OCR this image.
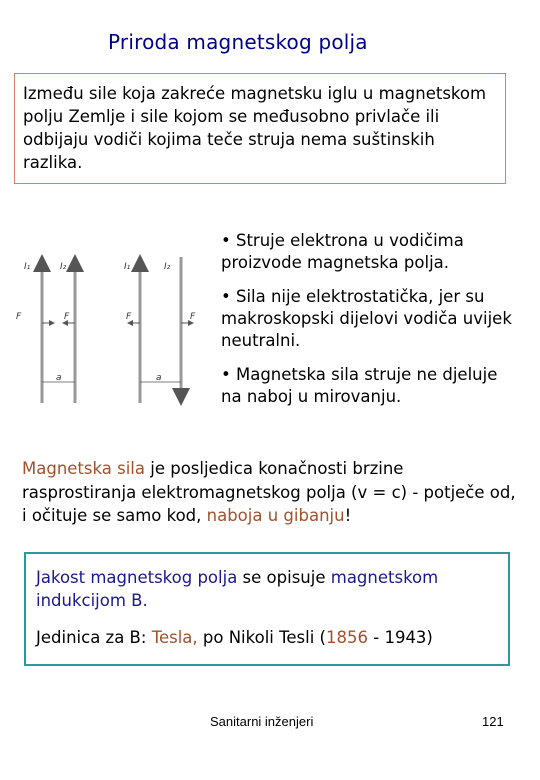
Priroda magnetskog polja
Između sile koja zakreće magnetsku iglu u magnetskom polju Zemlje i sile kojom se međusobno privlače ili odbijaju vodiči kojima teče struja nema suštinskih razlika.
I₁	I₂
F	F
a
I₁	I₂
F	F
a

• Struje elektrona u vodičima proizvode magnetska polja.

• Sila nije elektrostatička, jer su makroskopski dijelovi vodiča uvijek neutralni.

• Magnetska sila struje ne djeluje na naboj u mirovanju.

Magnetska sila je posljedica konačnosti brzine rasprostiranja elektromagnetskog polja (v = c) - potječe od, i očituje se samo kod, naboja u gibanju!

Jakost magnetskog polja se opisuje magnetskom indukcijom B.

Jedinica za B: Tesla, po Nikoli Tesli (1856 - 1943)

Sanitarni inženjeri	121
